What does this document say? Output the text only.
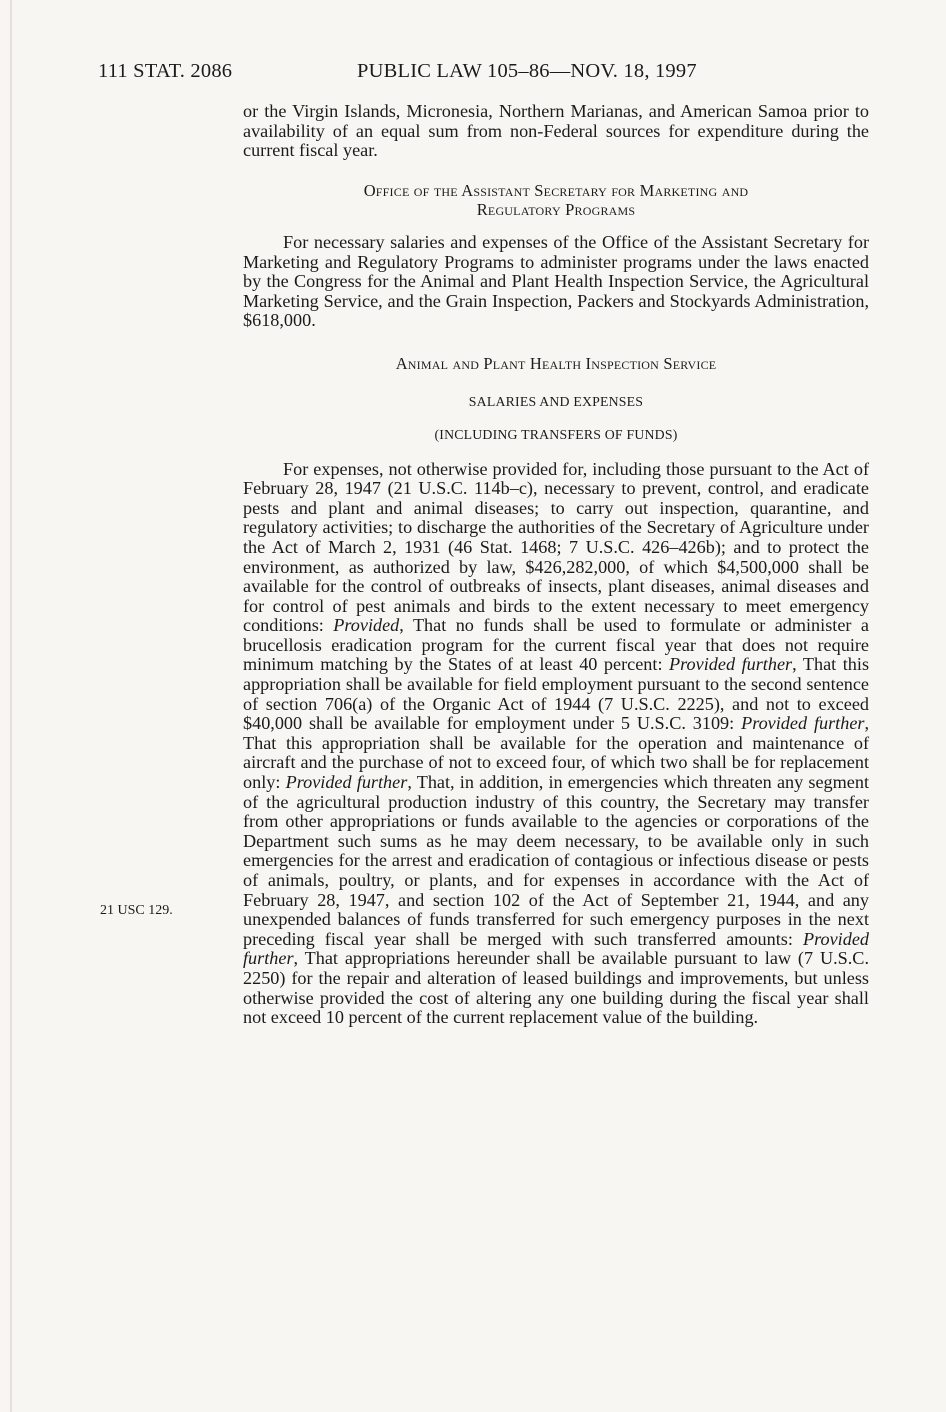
111 STAT. 2086	PUBLIC LAW 105–86—NOV. 18, 1997
21 USC 129.

or the Virgin Islands, Micronesia, Northern Marianas, and American Samoa prior to availability of an equal sum from non-Federal sources for expenditure during the current fiscal year.

Office of the Assistant Secretary for Marketing and
Regulatory Programs

For necessary salaries and expenses of the Office of the Assistant Secretary for Marketing and Regulatory Programs to administer programs under the laws enacted by the Congress for the Animal and Plant Health Inspection Service, the Agricultural Marketing Service, and the Grain Inspection, Packers and Stockyards Administration, $618,000.

Animal and Plant Health Inspection Service
SALARIES AND EXPENSES
(INCLUDING TRANSFERS OF FUNDS)

For expenses, not otherwise provided for, including those pursuant to the Act of February 28, 1947 (21 U.S.C. 114b–c), necessary to prevent, control, and eradicate pests and plant and animal diseases; to carry out inspection, quarantine, and regulatory activities; to discharge the authorities of the Secretary of Agriculture under the Act of March 2, 1931 (46 Stat. 1468; 7 U.S.C. 426–426b); and to protect the environment, as authorized by law, $426,282,000, of which $4,500,000 shall be available for the control of outbreaks of insects, plant diseases, animal diseases and for control of pest animals and birds to the extent necessary to meet emergency conditions: Provided, That no funds shall be used to formulate or administer a brucellosis eradication program for the current fiscal year that does not require minimum matching by the States of at least 40 percent: Provided further, That this appropriation shall be available for field employment pursuant to the second sentence of section 706(a) of the Organic Act of 1944 (7 U.S.C. 2225), and not to exceed $40,000 shall be available for employment under 5 U.S.C. 3109: Provided further, That this appropriation shall be available for the operation and maintenance of aircraft and the purchase of not to exceed four, of which two shall be for replacement only: Provided further, That, in addition, in emergencies which threaten any segment of the agricultural production industry of this country, the Secretary may transfer from other appropriations or funds available to the agencies or corporations of the Department such sums as he may deem necessary, to be available only in such emergencies for the arrest and eradication of contagious or infectious disease or pests of animals, poultry, or plants, and for expenses in accordance with the Act of February 28, 1947, and section 102 of the Act of September 21, 1944, and any unexpended balances of funds transferred for such emergency purposes in the next preceding fiscal year shall be merged with such transferred amounts: Provided further, That appropriations hereunder shall be available pursuant to law (7 U.S.C. 2250) for the repair and alteration of leased buildings and improvements, but unless otherwise provided the cost of altering any one building during the fiscal year shall not exceed 10 percent of the current replacement value of the building.
